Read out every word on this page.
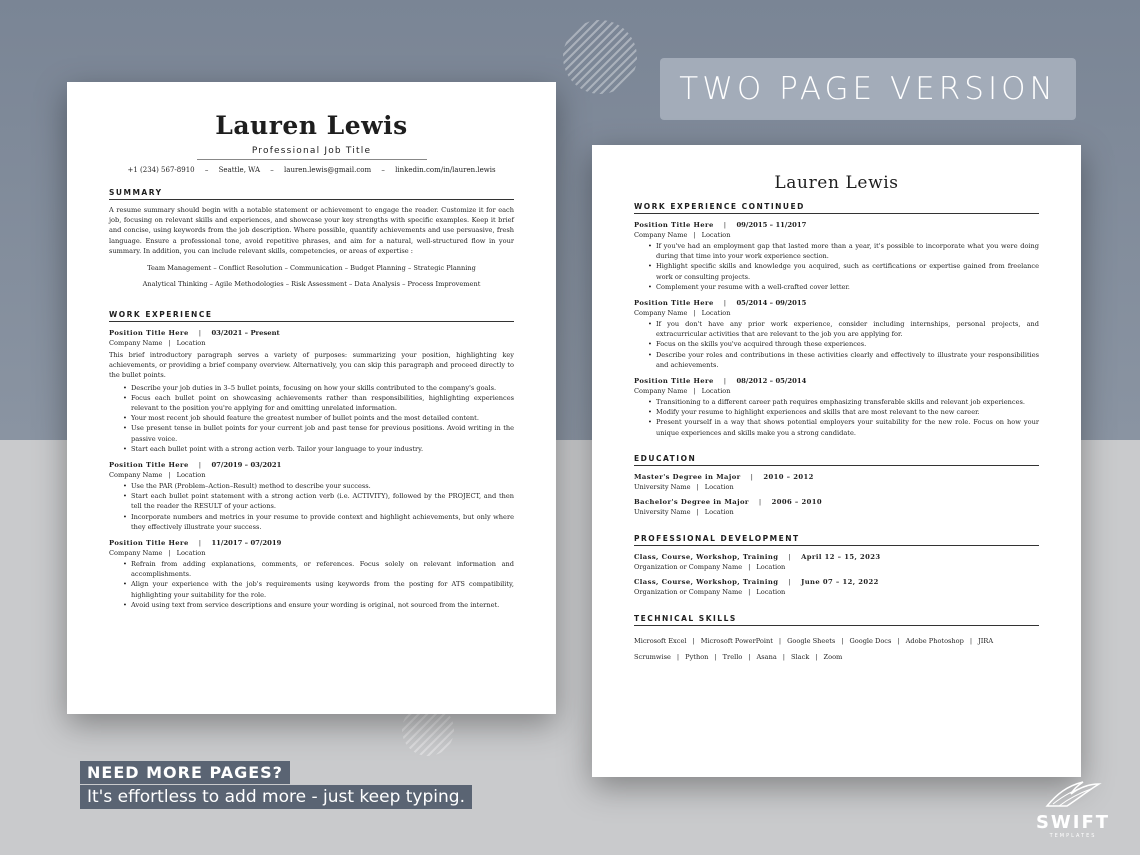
TWO PAGE VERSION
Lauren Lewis
Professional Job Title
+1 (234) 567-8910 – Seattle, WA – lauren.lewis@gmail.com – linkedin.com/in/lauren.lewis
SUMMARY
A resume summary should begin with a notable statement or achievement to engage the reader. Customize it for each job, focusing on relevant skills and experiences, and showcase your key strengths with specific examples. Keep it brief and concise, using keywords from the job description. Where possible, quantify achievements and use persuasive, fresh language. Ensure a professional tone, avoid repetitive phrases, and aim for a natural, well-structured flow in your summary. In addition, you can include relevant skills, competencies, or areas of expertise :
Team Management – Conflict Resolution – Communication – Budget Planning – Strategic Planning
Analytical Thinking – Agile Methodologies – Risk Assessment – Data Analysis – Process Improvement
WORK EXPERIENCE
Position Title Here | 03/2021 – Present
Company Name | Location
This brief introductory paragraph serves a variety of purposes: summarizing your position, highlighting key achievements, or providing a brief company overview. Alternatively, you can skip this paragraph and proceed directly to the bullet points.
• Describe your job duties in 3–5 bullet points, focusing on how your skills contributed to the company's goals.
• Focus each bullet point on showcasing achievements rather than responsibilities, highlighting experiences relevant to the position you're applying for and omitting unrelated information.
• Your most recent job should feature the greatest number of bullet points and the most detailed content.
• Use present tense in bullet points for your current job and past tense for previous positions. Avoid writing in the passive voice.
• Start each bullet point with a strong action verb. Tailor your language to your industry.
Position Title Here | 07/2019 – 03/2021
Company Name | Location
• Use the PAR (Problem–Action–Result) method to describe your success.
• Start each bullet point statement with a strong action verb (i.e. ACTIVITY), followed by the PROJECT, and then tell the reader the RESULT of your actions.
• Incorporate numbers and metrics in your resume to provide context and highlight achievements, but only where they effectively illustrate your success.
Position Title Here | 11/2017 – 07/2019
Company Name | Location
• Refrain from adding explanations, comments, or references. Focus solely on relevant information and accomplishments.
• Align your experience with the job's requirements using keywords from the posting for ATS compatibility, highlighting your suitability for the role.
• Avoid using text from service descriptions and ensure your wording is original, not sourced from the internet.
Lauren Lewis
WORK EXPERIENCE CONTINUED
Position Title Here | 09/2015 – 11/2017
Company Name | Location
• If you've had an employment gap that lasted more than a year, it's possible to incorporate what you were doing during that time into your work experience section.
• Highlight specific skills and knowledge you acquired, such as certifications or expertise gained from freelance work or consulting projects.
• Complement your resume with a well-crafted cover letter.
Position Title Here | 05/2014 – 09/2015
Company Name | Location
• If you don't have any prior work experience, consider including internships, personal projects, and extracurricular activities that are relevant to the job you are applying for.
• Focus on the skills you've acquired through these experiences.
• Describe your roles and contributions in these activities clearly and effectively to illustrate your responsibilities and achievements.
Position Title Here | 08/2012 – 05/2014
Company Name | Location
• Transitioning to a different career path requires emphasizing transferable skills and relevant job experiences.
• Modify your resume to highlight experiences and skills that are most relevant to the new career.
• Present yourself in a way that shows potential employers your suitability for the new role. Focus on how your unique experiences and skills make you a strong candidate.
EDUCATION
Master's Degree in Major | 2010 – 2012
University Name | Location
Bachelor's Degree in Major | 2006 – 2010
University Name | Location
PROFESSIONAL DEVELOPMENT
Class, Course, Workshop, Training | April 12 – 15, 2023
Organization or Company Name | Location
Class, Course, Workshop, Training | June 07 – 12, 2022
Organization or Company Name | Location
TECHNICAL SKILLS
Microsoft Excel | Microsoft PowerPoint | Google Sheets | Google Docs | Adobe Photoshop | JIRA
Scrumwise | Python | Trello | Asana | Slack | Zoom
NEED MORE PAGES?
It's effortless to add more - just keep typing.
SWIFT
TEMPLATES
